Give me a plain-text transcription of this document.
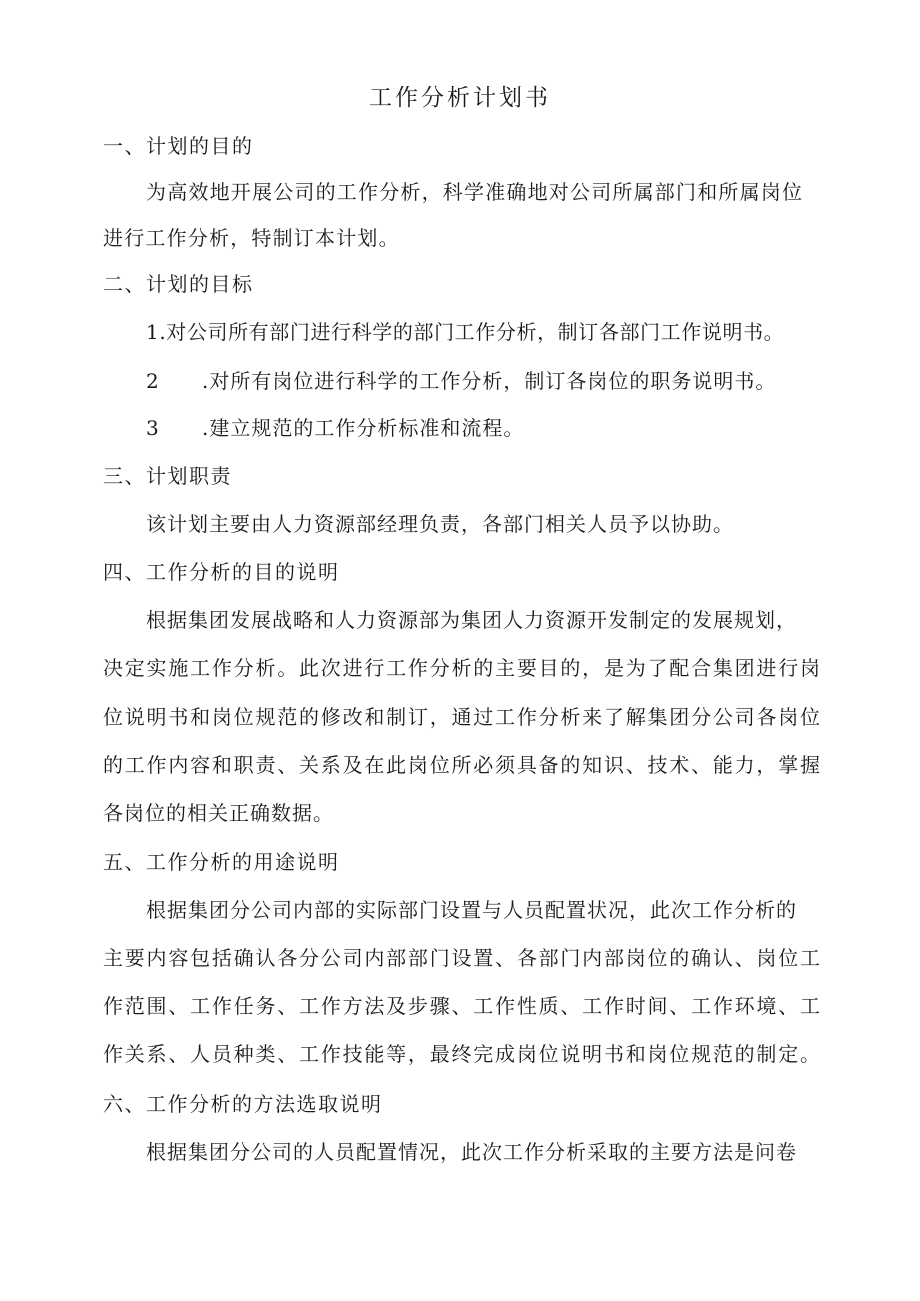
工作分析计划书
一、计划的目的
为高效地开展公司的工作分析，科学准确地对公司所属部门和所属岗位
进行工作分析，特制订本计划。
二、计划的目标
1.对公司所有部门进行科学的部门工作分析，制订各部门工作说明书。
2 .对所有岗位进行科学的工作分析，制订各岗位的职务说明书。
3 .建立规范的工作分析标准和流程。
三、计划职责
该计划主要由人力资源部经理负责，各部门相关人员予以协助。
四、工作分析的目的说明
根据集团发展战略和人力资源部为集团人力资源开发制定的发展规划，
决定实施工作分析。此次进行工作分析的主要目的，是为了配合集团进行岗
位说明书和岗位规范的修改和制订，通过工作分析来了解集团分公司各岗位
的工作内容和职责、关系及在此岗位所必须具备的知识、技术、能力，掌握
各岗位的相关正确数据。
五、工作分析的用途说明
根据集团分公司内部的实际部门设置与人员配置状况，此次工作分析的
主要内容包括确认各分公司内部部门设置、各部门内部岗位的确认、岗位工
作范围、工作任务、工作方法及步骤、工作性质、工作时间、工作环境、工
作关系、人员种类、工作技能等，最终完成岗位说明书和岗位规范的制定。
六、工作分析的方法选取说明
根据集团分公司的人员配置情况，此次工作分析采取的主要方法是问卷
